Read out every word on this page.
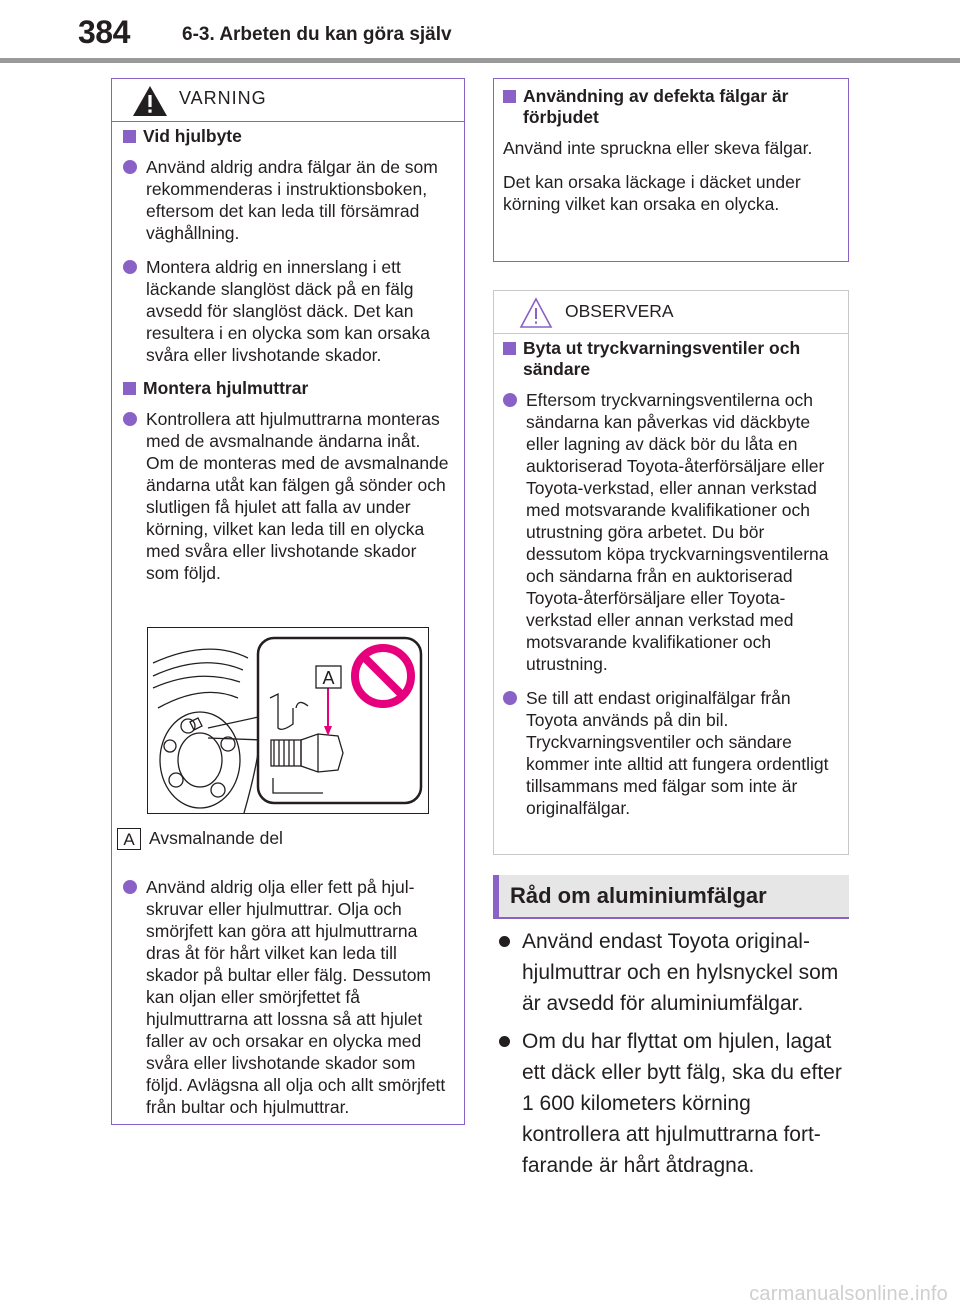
384	6-3. Arbeten du kan göra själv
VARNING
Vid hjulbyte
Använd aldrig andra fälgar än de som rekommenderas i instruktionsboken, eftersom det kan leda till försämrad väghållning.
Montera aldrig en innerslang i ett läckande slanglöst däck på en fälg avsedd för slanglöst däck. Det kan resultera i en olycka som kan orsaka svåra eller livshotande skador.
Montera hjulmuttrar
Kontrollera att hjulmuttrarna monteras med de avsmalnande ändarna inåt. Om de monteras med de avsmalnande ändarna utåt kan fälgen gå sönder och slutligen få hjulet att falla av under körning, vilket kan leda till en olycka med svåra eller livshotande skador som följd.
Använd aldrig olja eller fett på hjulskruvar eller hjulmuttrar. Olja och smörjfett kan göra att hjulmuttrarna dras åt för hårt vilket kan leda till skador på bultar eller fälg. Dessutom kan oljan eller smörjfettet få hjulmuttrarna att lossna så att hjulet faller av och orsakar en olycka med svåra eller livshotande skador som följd. Avlägsna all olja och allt smörjfett från bultar och hjulmuttrar.
A
A Avsmalnande del
Användning av defekta fälgar är förbjudet

Använd inte spruckna eller skeva fälgar.

Det kan orsaka läckage i däcket under körning vilket kan orsaka en olycka.

OBSERVERA
Byta ut tryckvarningsventiler och sändare
Eftersom tryckvarningsventilerna och sändarna kan påverkas vid däckbyte eller lagning av däck bör du låta en auktoriserad Toyota-återförsäljare eller Toyota-verkstad, eller annan verkstad med motsvarande kvalifikationer och utrustning göra arbetet. Du bör dessutom köpa tryckvarningsventilerna och sändarna från en auktoriserad Toyota-återförsäljare eller Toyota-verkstad eller annan verkstad med motsvarande kvalifikationer och utrustning.
Se till att endast originalfälgar från Toyota används på din bil. Tryckvarningsventiler och sändare kommer inte alltid att fungera ordentligt tillsammans med fälgar som inte är originalfälgar.
Råd om aluminiumfälgar
Använd endast Toyota originalhjulmuttrar och en hylsnyckel som är avsedd för aluminiumfälgar.
Om du har flyttat om hjulen, lagat ett däck eller bytt fälg, ska du efter 1 600 kilometers körning kontrollera att hjulmuttrarna fortfarande är hårt åtdragna.
carmanualsonline.info
